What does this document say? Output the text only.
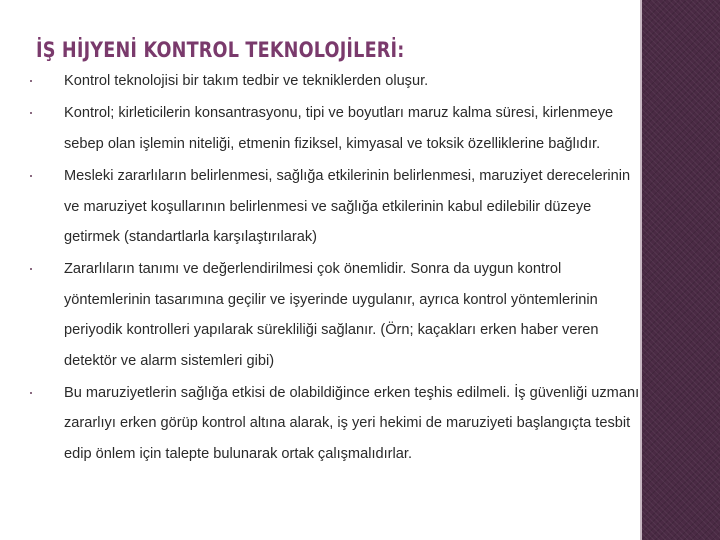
İŞ HİJYENİ KONTROL TEKNOLOJİLERİ:
Kontrol teknolojisi bir takım tedbir ve tekniklerden oluşur.
Kontrol; kirleticilerin konsantrasyonu, tipi ve boyutları maruz kalma süresi, kirlenmeye sebep olan işlemin niteliği, etmenin fiziksel, kimyasal ve toksik özelliklerine bağlıdır.
Mesleki zararlıların belirlenmesi, sağlığa etkilerinin belirlenmesi, maruziyet derecelerinin ve maruziyet koşullarının belirlenmesi ve sağlığa etkilerinin kabul edilebilir düzeye getirmek (standartlarla karşılaştırılarak)
Zararlıların tanımı ve değerlendirilmesi çok önemlidir. Sonra da uygun kontrol yöntemlerinin tasarımına geçilir ve işyerinde uygulanır, ayrıca kontrol yöntemlerinin periyodik kontrolleri yapılarak sürekliliği sağlanır. (Örn; kaçakları erken haber veren detektör ve alarm sistemleri gibi)
Bu maruziyetlerin sağlığa etkisi de olabildiğince erken teşhis edilmeli. İş güvenliği uzmanı zararlıyı erken görüp kontrol altına alarak, iş yeri hekimi de maruziyeti başlangıçta tesbit edip önlem için talepte bulunarak ortak çalışmalıdırlar.
